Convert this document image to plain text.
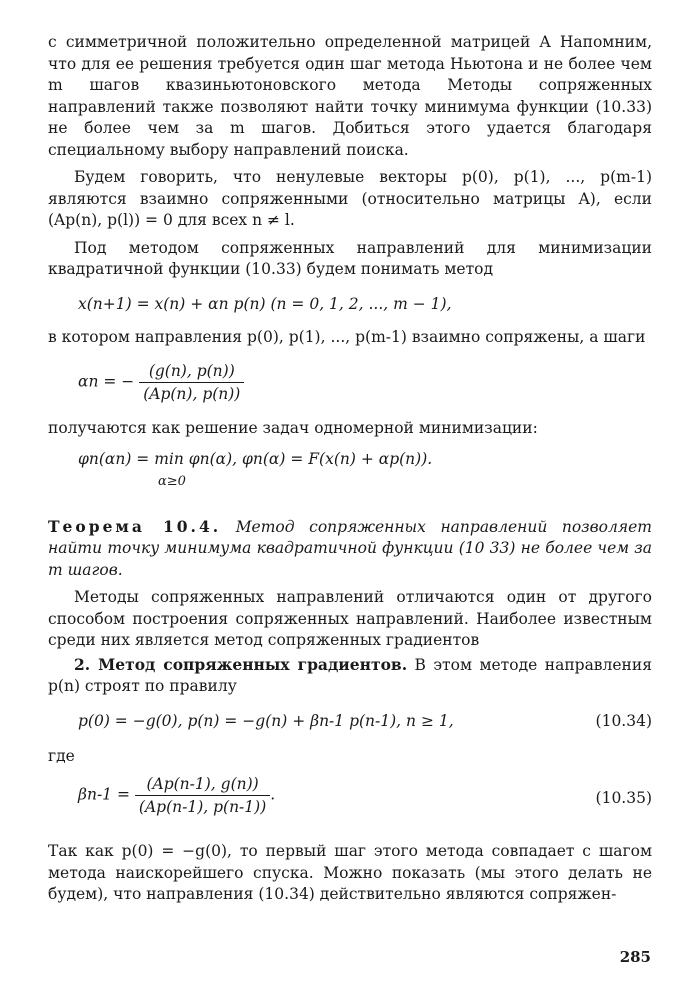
с симметричной положительно определенной матрицей A Напомним, что для ее решения требуется один шаг метода Ньютона и не более чем m шагов квазиньютоновского метода Методы сопряженных направлений также позволяют найти точку минимума функции (10.33) не более чем за m шагов. Добиться этого удается благодаря специальному выбору направлений поиска.

Будем говорить, что ненулевые векторы p(0), p(1), ..., p(m-1) являются взаимно сопряженными (относительно матрицы A), если (Ap(n), p(l)) = 0 для всех n ≠ l.

Под методом сопряженных направлений для минимизации квадратичной функции (10.33) будем понимать метод

x(n+1) = x(n) + αn p(n) (n = 0, 1, 2, ..., m − 1),

в котором направления p(0), p(1), ..., p(m-1) взаимно сопряжены, а шаги

αn = − $\frac{(g(n), p(n))}{(Ap(n), p(n))}$

получаются как решение задач одномерной минимизации:

φn(αn) = min φn(α), φn(α) = F(x(n) + αp(n)).
α≥0

Теорема 10.4. Метод сопряженных направлений позволяет найти точку минимума квадратичной функции (10 33) не более чем за m шагов.

Методы сопряженных направлений отличаются один от другого способом построения сопряженных направлений. Наиболее известным среди них является метод сопряженных градиентов

2. Метод сопряженных градиентов. В этом методе направления p(n) строят по правилу

p(0) = −g(0), p(n) = −g(n) + βn-1 p(n-1), n ≥ 1,	(10.34)

где

$\beta n-1 = \frac{(Ap(n-1), g(n))}{(Ap(n-1), p(n-1))}$ .	(10.35)

Так как p(0) = −g(0), то первый шаг этого метода совпадает с шагом метода наискорейшего спуска. Можно показать (мы этого делать не будем), что направления (10.34) действительно являются сопряжен-

285
